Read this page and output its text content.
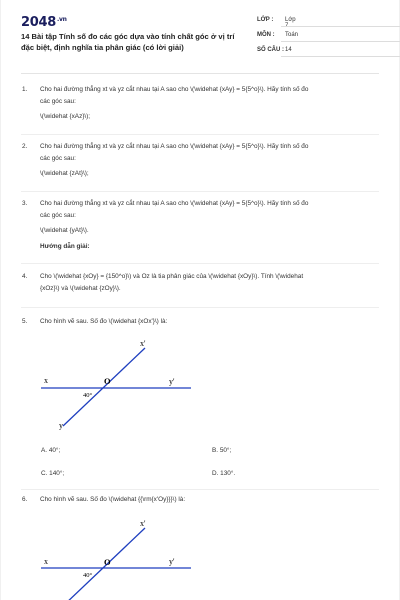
$2048^{.vn}$
14 Bài tập Tính số đo các góc dựa vào tính chất góc ở vị trí đặc biệt, định nghĩa tia phân giác (có lời giải)
LỚP :	Lớp 7
MÔN :	Toán
SỐ CÂU : 14
1. Cho hai đường thẳng xt và yz cắt nhau tại A sao cho \(\widehat {xAy} = 5{5^o}\). Hãy tính số đo
các góc sau:
\(\widehat {xAz}\);
2. Cho hai đường thẳng xt và yz cắt nhau tại A sao cho \(\widehat {xAy} = 5{5^o}\). Hãy tính số đo
các góc sau:
\(\widehat {zAt}\);
3. Cho hai đường thẳng xt và yz cắt nhau tại A sao cho \(\widehat {xAy} = 5{5^o}\). Hãy tính số đo
các góc sau:
\(\widehat {yAt}\).
Hướng dẫn giải:
4. Cho \(\widehat {xOy} = {150^o}\) và Oz là tia phân giác của \(\widehat {xOy}\). Tính \(\widehat
{xOz}\) và \(\widehat {zOy}\).
5. Cho hình vẽ sau. Số đo \(\widehat {xOx'}\) là:
x
x'
O	y'
y
40°
A. 40°;	B. 50°;
C. 140°;	D. 130°.
6. Cho hình vẽ sau. Số đo \(\widehat {{\rm{x'Oy}}}\) là:
x
x'
O	y'
40°
